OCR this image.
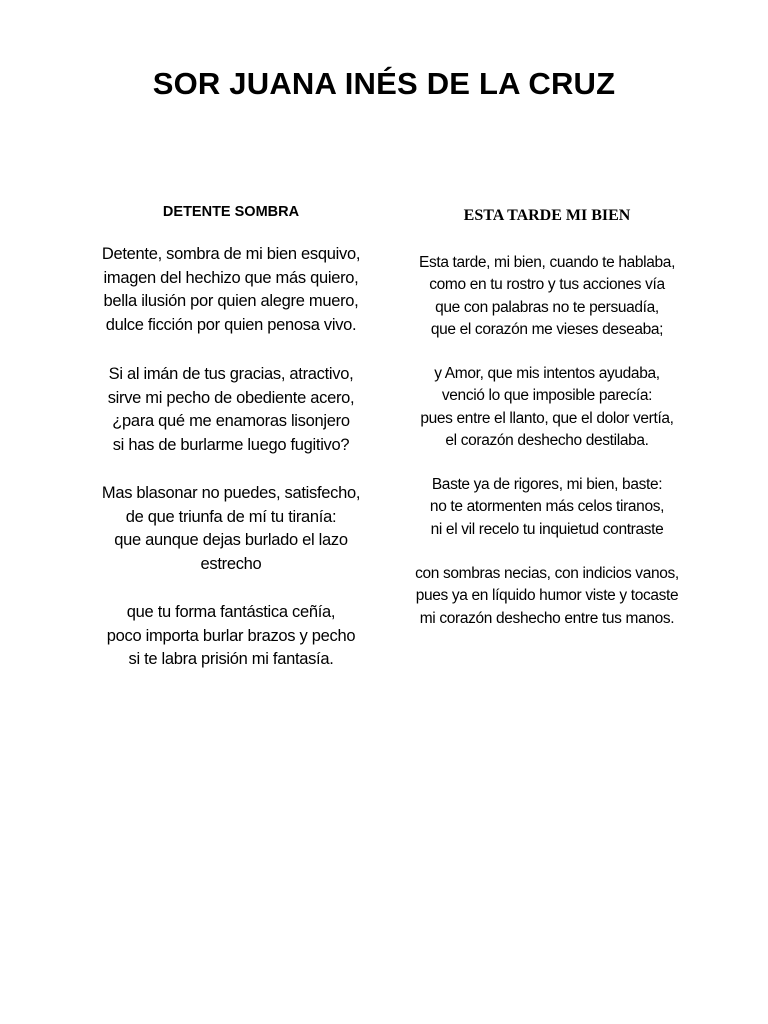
SOR JUANA INÉS DE LA CRUZ
DETENTE SOMBRA

Detente, sombra de mi bien esquivo,
imagen del hechizo que más quiero,
bella ilusión por quien alegre muero,
dulce ficción por quien penosa vivo.

Si al imán de tus gracias, atractivo,
sirve mi pecho de obediente acero,
¿para qué me enamoras lisonjero
si has de burlarme luego fugitivo?

Mas blasonar no puedes, satisfecho,
de que triunfa de mí tu tiranía:
que aunque dejas burlado el lazo
estrecho

que tu forma fantástica ceñía,
poco importa burlar brazos y pecho
si te labra prisión mi fantasía.

ESTA TARDE MI BIEN

Esta tarde, mi bien, cuando te hablaba,
como en tu rostro y tus acciones vía
que con palabras no te persuadía,
que el corazón me vieses deseaba;

y Amor, que mis intentos ayudaba,
venció lo que imposible parecía:
pues entre el llanto, que el dolor vertía,
el corazón deshecho destilaba.

Baste ya de rigores, mi bien, baste:
no te atormenten más celos tiranos,
ni el vil recelo tu inquietud contraste

con sombras necias, con indicios vanos,
pues ya en líquido humor viste y tocaste
mi corazón deshecho entre tus manos.
